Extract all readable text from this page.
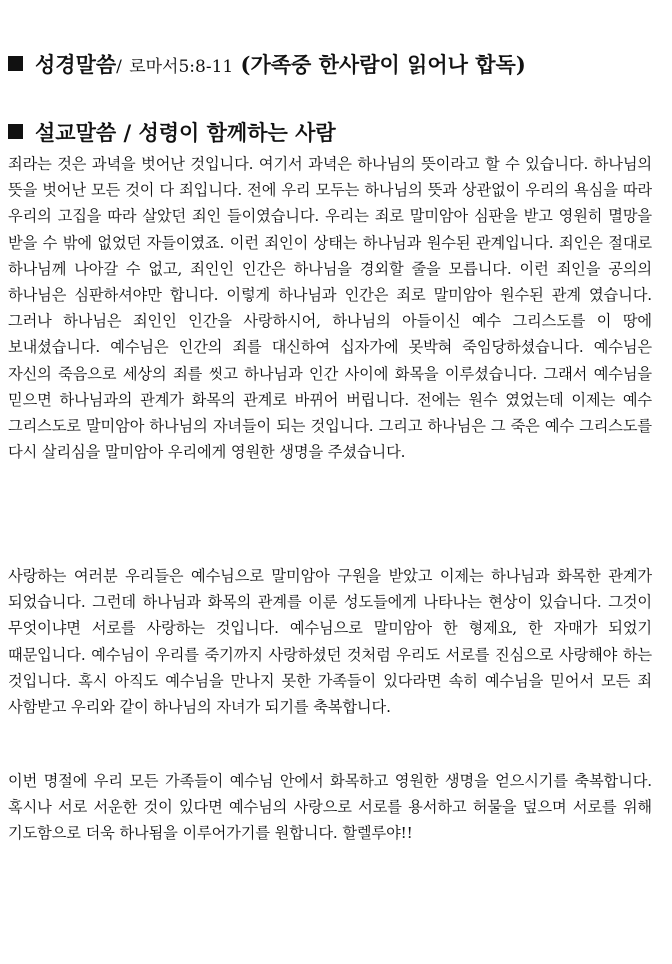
성경말씀/ 로마서5:8-11 (가족중 한사람이 읽어나 합독)
설교말씀 / 성령이 함께하는 사람

죄라는 것은 과녁을 벗어난 것입니다. 여기서 과녁은 하나님의 뜻이라고 할 수 있습니다. 하나님의 뜻을 벗어난 모든 것이 다 죄입니다. 전에 우리 모두는 하나님의 뜻과 상관없이 우리의 욕심을 따라 우리의 고집을 따라 살았던 죄인 들이였습니다. 우리는 죄로 말미암아 심판을 받고 영원히 멸망을 받을 수 밖에 없었던 자들이였죠. 이런 죄인이 상태는 하나님과 원수된 관계입니다. 죄인은 절대로 하나님께 나아갈 수 없고, 죄인인 인간은 하나님을 경외할 줄을 모릅니다. 이런 죄인을 공의의 하나님은 심판하셔야만 합니다. 이렇게 하나님과 인간은 죄로 말미암아 원수된 관계 였습니다. 그러나 하나님은 죄인인 인간을 사랑하시어, 하나님의 아들이신 예수 그리스도를 이 땅에 보내셨습니다. 예수님은 인간의 죄를 대신하여 십자가에 못박혀 죽임당하셨습니다. 예수님은 자신의 죽음으로 세상의 죄를 씻고 하나님과 인간 사이에 화목을 이루셨습니다. 그래서 예수님을 믿으면 하나님과의 관계가 화목의 관계로 바뀌어 버립니다. 전에는 원수 였었는데 이제는 예수 그리스도로 말미암아 하나님의 자녀들이 되는 것입니다. 그리고 하나님은 그 죽은 예수 그리스도를 다시 살리심을 말미암아 우리에게 영원한 생명을 주셨습니다.

사랑하는 여러분 우리들은 예수님으로 말미암아 구원을 받았고 이제는 하나님과 화목한 관계가 되었습니다. 그런데 하나님과 화목의 관계를 이룬 성도들에게 나타나는 현상이 있습니다. 그것이 무엇이냐면 서로를 사랑하는 것입니다. 예수님으로 말미암아 한 형제요, 한 자매가 되었기 때문입니다. 예수님이 우리를 죽기까지 사랑하셨던 것처럼 우리도 서로를 진심으로 사랑해야 하는 것입니다. 혹시 아직도 예수님을 만나지 못한 가족들이 있다라면 속히 예수님을 믿어서 모든 죄 사함받고 우리와 같이 하나님의 자녀가 되기를 축복합니다.

이번 명절에 우리 모든 가족들이 예수님 안에서 화목하고 영원한 생명을 얻으시기를 축복합니다. 혹시나 서로 서운한 것이 있다면 예수님의 사랑으로 서로를 용서하고 허물을 덮으며 서로를 위해 기도함으로 더욱 하나됨을 이루어가기를 원합니다. 할렐루야!!
